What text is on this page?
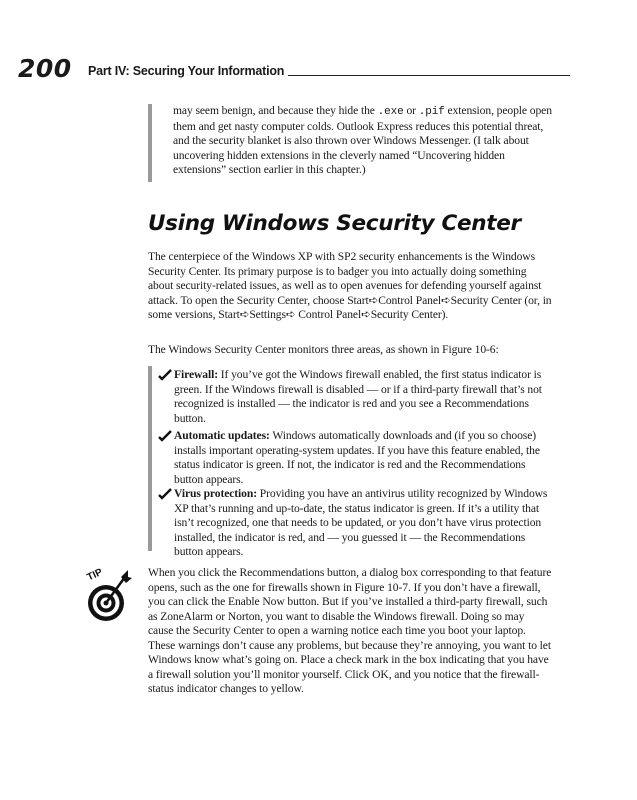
200 Part IV: Securing Your Information

may seem benign, and because they hide the .exe or .pif extension, people open them and get nasty computer colds. Outlook Express reduces this potential threat, and the security blanket is also thrown over Windows Messenger. (I talk about uncovering hidden extensions in the cleverly named “Uncovering hidden extensions” section earlier in this chapter.)

Using Windows Security Center

The centerpiece of the Windows XP with SP2 security enhancements is the Windows Security Center. Its primary purpose is to badger you into actually doing something about security-related issues, as well as to open avenues for defending yourself against attack. To open the Security Center, choose Start➪Control Panel➪Security Center (or, in some versions, Start➪Settings➪ Control Panel➪Security Center).

The Windows Security Center monitors three areas, as shown in Figure 10-6:

Firewall: If you’ve got the Windows firewall enabled, the first status indicator is green. If the Windows firewall is disabled — or if a third-party firewall that’s not recognized is installed — the indicator is red and you see a Recommendations button.

Automatic updates: Windows automatically downloads and (if you so choose) installs important operating-system updates. If you have this feature enabled, the status indicator is green. If not, the indicator is red and the Recommendations button appears.

Virus protection: Providing you have an antivirus utility recognized by Windows XP that’s running and up-to-date, the status indicator is green. If it’s a utility that isn’t recognized, one that needs to be updated, or you don’t have virus protection installed, the indicator is red, and — you guessed it — the Recommendations button appears.

TIP	When you click the Recommendations button, a dialog box corresponding to that feature opens, such as the one for firewalls shown in Figure 10-7. If you don’t have a firewall, you can click the Enable Now button. But if you’ve installed a third-party firewall, such as ZoneAlarm or Norton, you want to disable the Windows firewall. Doing so may cause the Security Center to open a warning notice each time you boot your laptop. These warnings don’t cause any problems, but because they’re annoying, you want to let Windows know what’s going on. Place a check mark in the box indicating that you have a firewall solution you’ll monitor yourself. Click OK, and you notice that the firewall-status indicator changes to yellow.
